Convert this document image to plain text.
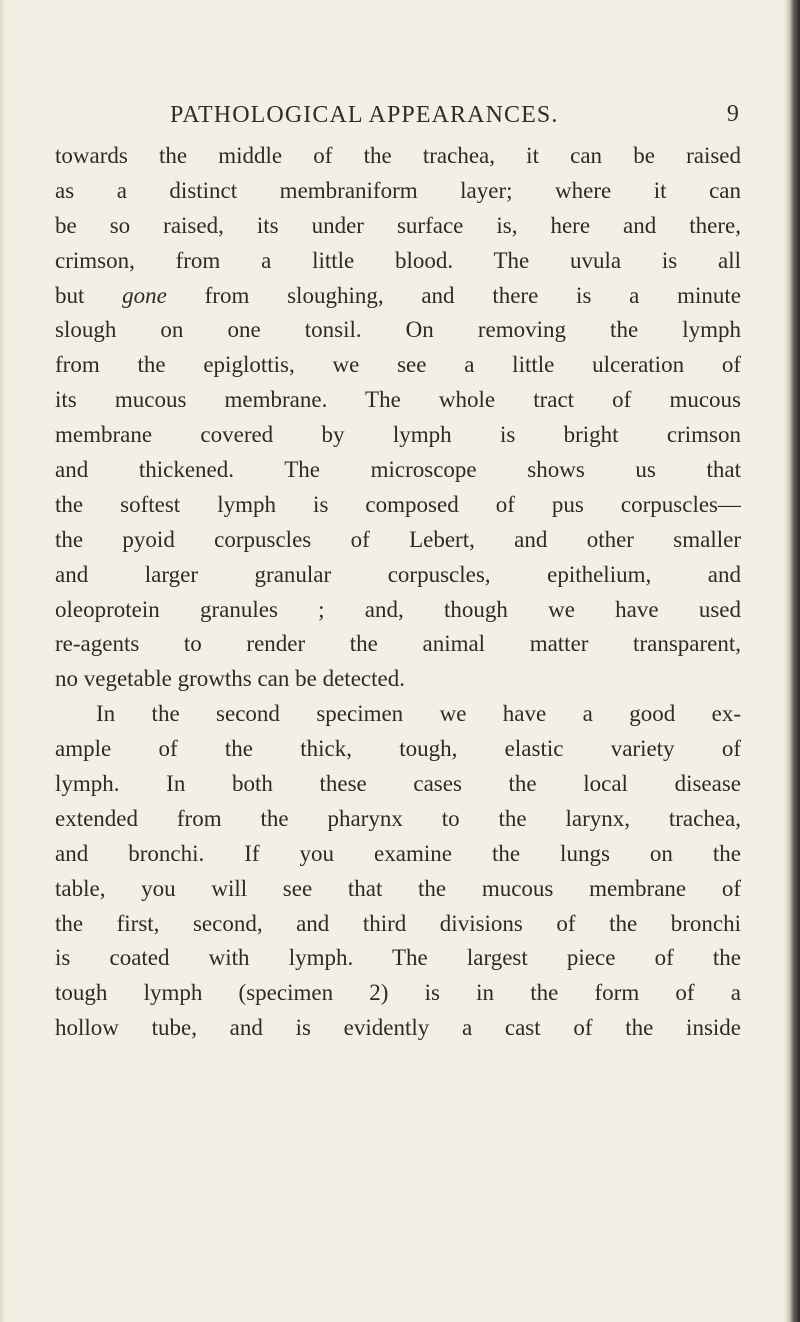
PATHOLOGICAL APPEARANCES.	9
towards the middle of the trachea, it can be raised
as a distinct membraniform layer; where it can
be so raised, its under surface is, here and there,
crimson, from a little blood. The uvula is all
but gone from sloughing, and there is a minute
slough on one tonsil. On removing the lymph
from the epiglottis, we see a little ulceration of
its mucous membrane. The whole tract of mucous
membrane covered by lymph is bright crimson
and thickened. The microscope shows us that
the softest lymph is composed of pus corpuscles—
the pyoid corpuscles of Lebert, and other smaller
and larger granular corpuscles, epithelium, and
oleoprotein granules ; and, though we have used
re-agents to render the animal matter transparent,
no vegetable growths can be detected.
In the second specimen we have a good ex-
ample of the thick, tough, elastic variety of
lymph. In both these cases the local disease
extended from the pharynx to the larynx, trachea,
and bronchi. If you examine the lungs on the
table, you will see that the mucous membrane of
the first, second, and third divisions of the bronchi
is coated with lymph. The largest piece of the
tough lymph (specimen 2) is in the form of a
hollow tube, and is evidently a cast of the inside
